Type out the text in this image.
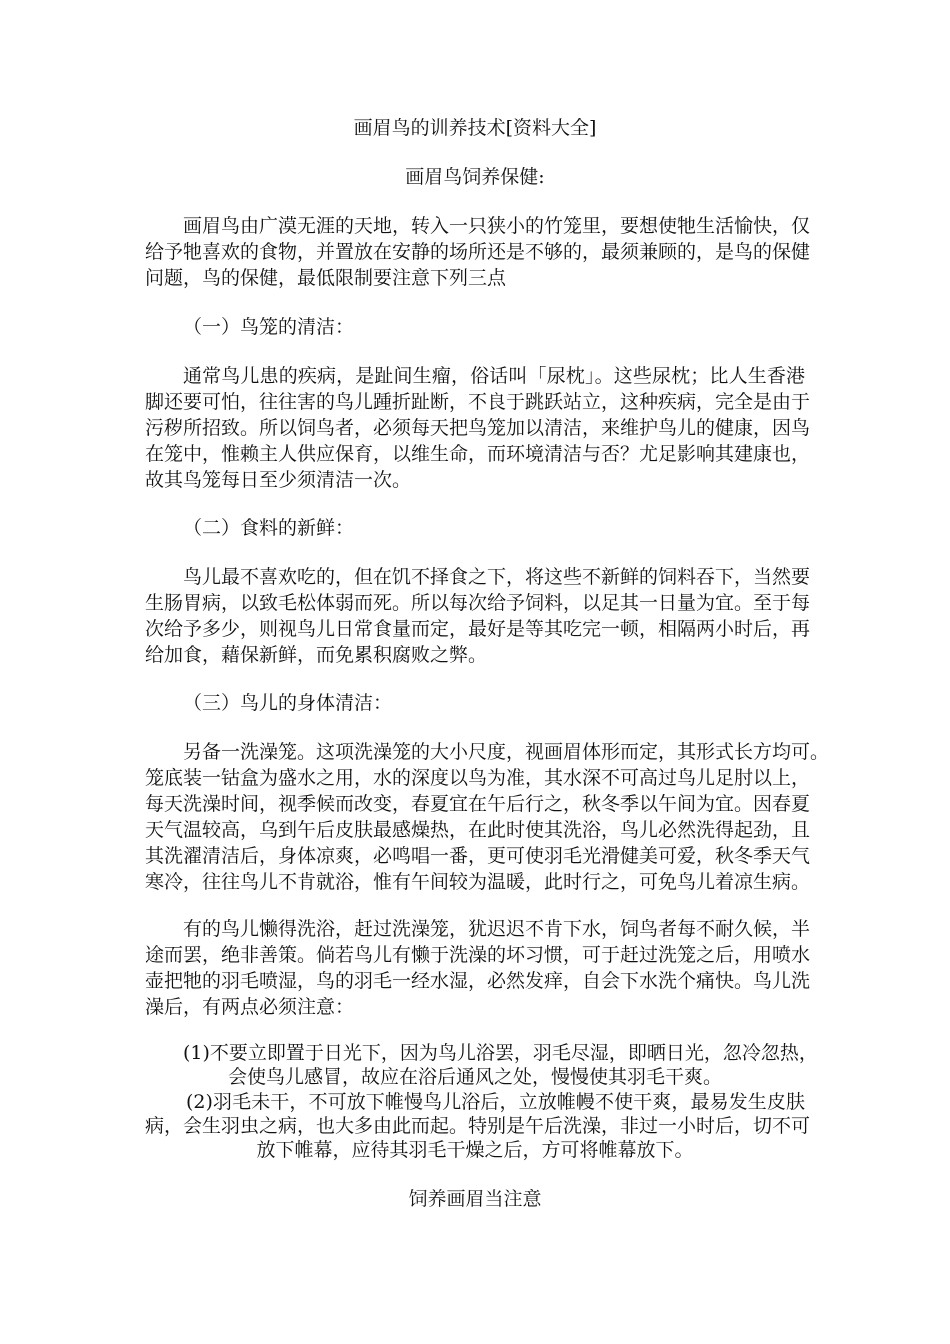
画眉鸟的训养技术[资料大全]
画眉鸟饲养保健:
画眉鸟由广漠无涯的天地，转入一只狭小的竹笼里，要想使牠生活愉快，仅
给予牠喜欢的食物，并置放在安静的场所还是不够的，最须兼顾的，是鸟的保健
问题，鸟的保健，最低限制要注意下列三点
（一）鸟笼的清洁：
通常鸟儿患的疾病，是趾间生瘤，俗话叫「尿枕」。这些尿枕；比人生香港
脚还要可怕，往往害的鸟儿踵折趾断，不良于跳跃站立，这种疾病，完全是由于
污秽所招致。所以饲鸟者，必须每天把鸟笼加以清洁，来维护鸟儿的健康，因鸟
在笼中，惟赖主人供应保育，以维生命，而环境清洁与否？尤足影响其建康也，
故其鸟笼每日至少须清洁一次。
（二）食料的新鲜：
鸟儿最不喜欢吃的，但在饥不择食之下，将这些不新鲜的饲料吞下，当然要
生肠胃病，以致毛松体弱而死。所以每次给予饲料，以足其一日量为宜。至于每
次给予多少，则视鸟儿日常食量而定，最好是等其吃完一顿，相隔两小时后，再
给加食，藉保新鲜，而免累积腐败之弊。
（三）鸟儿的身体清洁：
另备一洗澡笼。这项洗澡笼的大小尺度，视画眉体形而定，其形式长方均可。
笼底装一钴盒为盛水之用，水的深度以鸟为准，其水深不可高过鸟儿足肘以上，
每天洗澡时间，视季候而改变，春夏宜在午后行之，秋冬季以午间为宜。因春夏
天气温较高，乌到午后皮肤最感燥热，在此时使其洗浴，鸟儿必然洗得起劲，且
其洗濯清洁后，身体凉爽，必鸣唱一番，更可使羽毛光滑健美可爱，秋冬季天气
寒冷，往往鸟儿不肯就浴，惟有午间较为温暖，此时行之，可免鸟儿着凉生病。
有的鸟儿懒得洗浴，赶过洗澡笼，犹迟迟不肯下水，饲鸟者每不耐久候，半
途而罢，绝非善策。倘若鸟儿有懒于洗澡的坏习惯，可于赶过洗笼之后，用喷水
壶把牠的羽毛喷湿，鸟的羽毛一经水湿，必然发痒，自会下水洗个痛快。鸟儿洗
澡后，有两点必须注意：
(1)不要立即置于日光下，因为鸟儿浴罢，羽毛尽湿，即晒日光，忽冷忽热，
会使鸟儿感冒，故应在浴后通风之处，慢慢使其羽毛干爽。
(2)羽毛未干，不可放下帷慢鸟儿浴后，立放帷幔不使干爽，最易发生皮肤
病，会生羽虫之病，也大多由此而起。特别是午后洗澡，非过一小时后，切不可
放下帷幕，应待其羽毛干燥之后，方可将帷幕放下。
饲养画眉当注意
